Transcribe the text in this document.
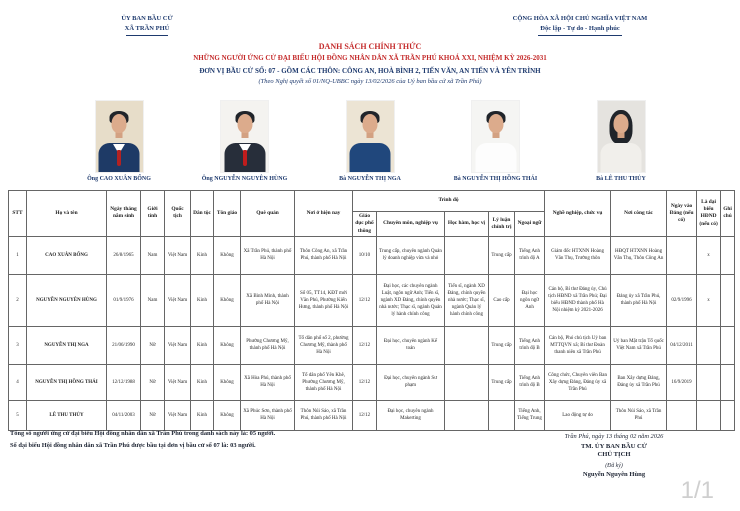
ỦY BAN BẦU CỬ
XÃ TRẦN PHÚ
CỘNG HÒA XÃ HỘI CHỦ NGHĨA VIỆT NAM
Độc lập - Tự do - Hạnh phúc
DANH SÁCH CHÍNH THỨC
NHỮNG NGƯỜI ỨNG CỬ ĐẠI BIỂU HỘI ĐỒNG NHÂN DÂN XÃ TRẦN PHÚ KHOÁ XXI, NHIỆM KỲ 2026-2031
ĐƠN VỊ BẦU CỬ SỐ: 07 - GỒM CÁC THÔN: CÔNG AN, HOÀ BÌNH 2, TIẾN VĂN, AN TIẾN VÀ YÊN TRÌNH
(Theo Nghị quyết số 01/NQ-UBBC ngày 13/02/2026 của Uỷ ban bầu cử xã Trần Phú)
Ông CAO XUÂN BỔNG	Ông NGUYỄN NGUYÊN HÙNG	Bà NGUYỄN THỊ NGA	Bà NGUYỄN THỊ HỒNG THÁI	Bà LÊ THU THỦY
STT	Họ và tên	Ngày tháng năm sinh	Giới tính	Quốc tịch	Dân tộc	Tôn giáo	Quê quán	Nơi ở hiện nay	Trình độ					Nghề nghiệp, chức vụ	Nơi công tác	Ngày vào Đảng (nếu có)	Là đại biểu HĐND (nếu có)	Ghi chú
									Giáo dục phổ thông	Chuyên môn, nghiệp vụ	Học hàm, học vị	Lý luận chính trị	Ngoại ngữ					
1	CAO XUÂN BỔNG	26/8/1965	Nam	Việt Nam	Kinh	Không	Xã Trần Phú, thành phố Hà Nội	Thôn Công An, xã Trần Phú, thành phố Hà Nội	10/10	Trung cấp, chuyên ngành Quản lý doanh nghiệp vừa và nhỏ		Trung cấp	Tiếng Anh trình độ A	Giám đốc HTXNN Hoàng Văn Thụ, Trưởng thôn	HĐQT HTXNN Hoàng Văn Thụ, Thôn Công An		x	
2	NGUYỄN NGUYÊN HÙNG	01/9/1976	Nam	Việt Nam	Kinh	Không	Xã Bình Minh, thành phố Hà Nội	Số 05, TT14, KĐT mới Văn Phú, Phường Kiến Hưng, thành phố Hà Nội	12/12	Đại học, các chuyên ngành Luật, ngôn ngữ Anh; Tiến sĩ, ngành XD Đảng, chính quyền nhà nước; Thạc sĩ, ngành Quản lý hành chính công	Tiến sĩ, ngành XD Đảng, chính quyền nhà nước; Thạc sĩ, ngành Quản lý hành chính công	Cao cấp	Đại học ngôn ngữ Anh	Cán bộ, Bí thư Đảng ủy, Chủ tịch HĐND xã Trần Phú; Đại biểu HĐND thành phố Hà Nội nhiệm kỳ 2021-2026	Đảng ủy xã Trần Phú, thành phố Hà Nội	02/9/1996	x	
3	NGUYỄN THỊ NGA	21/06/1990	Nữ	Việt Nam	Kinh	Không	Phường Chương Mỹ, thành phố Hà Nội	Tổ dân phố số 2, phường Chương Mỹ, thành phố Hà Nội	12/12	Đại học, chuyên ngành Kế toán		Trung cấp	Tiếng Anh trình độ B	Cán bộ, Phó chủ tịch Uỷ ban MTTQVN xã; Bí thư Đoàn thanh niên xã Trần Phú	Uỷ ban Mặt trận Tổ quốc Việt Nam xã Trần Phú	04/12/2011		
4	NGUYỄN THỊ HỒNG THÁI	12/12/1988	Nữ	Việt Nam	Kinh	Không	Xã Hòa Phú, thành phố Hà Nội	Tổ dân phố Yên Khê, Phường Chương Mỹ, thành phố Hà Nội	12/12	Đại học, chuyên ngành Sư phạm		Trung cấp	Tiếng Anh trình độ B	Công chức, Chuyên viên Ban Xây dựng Đảng, Đảng ủy xã Trần Phú	Ban Xây dựng Đảng, Đảng ủy xã Trần Phú	16/9/2019		
5	LÊ THU THỦY	04/11/2003	Nữ	Việt Nam	Kinh	Không	Xã Phúc Sơn, thành phố Hà Nội	Thôn Núi Sáo, xã Trần Phú, thành phố Hà Nội	12/12	Đại học, chuyên ngành Makerting			Tiếng Anh, Tiếng Trung	Lao động tự do	Thôn Núi Sáo, xã Trần Phú			
Tổng số người ứng cử đại biểu Hội đồng nhân dân xã Trần Phú trong danh sách này là: 05 người.
Số đại biểu Hội đồng nhân dân xã Trần Phú được bầu tại đơn vị bầu cử số 07 là: 03 người.
Trần Phú, ngày 13 tháng 02 năm 2026
TM. ỦY BAN BẦU CỬ
CHỦ TỊCH
(Đã ký)
Nguyễn Nguyên Hùng
1/1
